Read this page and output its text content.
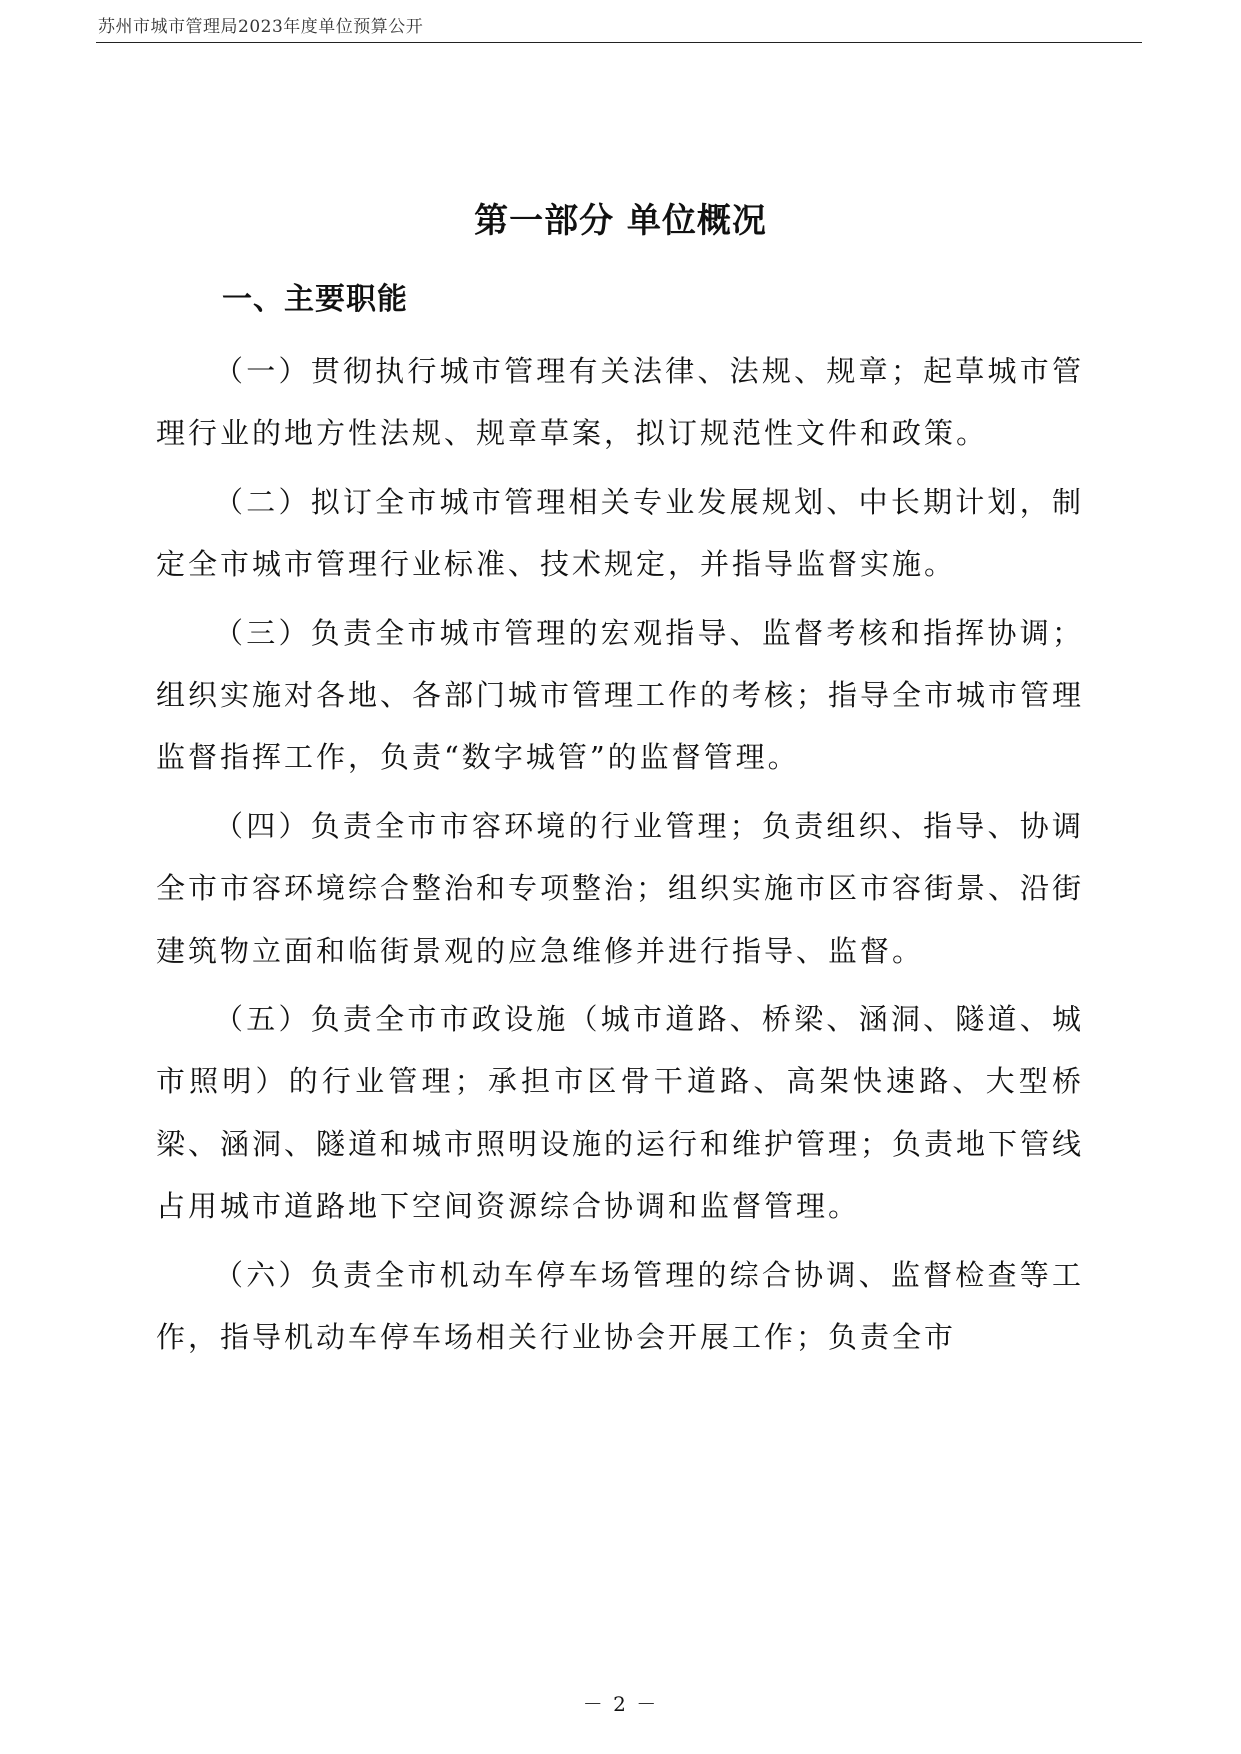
苏州市城市管理局2023年度单位预算公开
第一部分 单位概况
一、主要职能

（一）贯彻执行城市管理有关法律、法规、规章；起草城市管理行业的地方性法规、规章草案，拟订规范性文件和政策。

（二）拟订全市城市管理相关专业发展规划、中长期计划，制定全市城市管理行业标准、技术规定，并指导监督实施。

（三）负责全市城市管理的宏观指导、监督考核和指挥协调；组织实施对各地、各部门城市管理工作的考核；指导全市城市管理监督指挥工作，负责“数字城管”的监督管理。

（四）负责全市市容环境的行业管理；负责组织、指导、协调全市市容环境综合整治和专项整治；组织实施市区市容街景、沿街建筑物立面和临街景观的应急维修并进行指导、监督。

（五）负责全市市政设施（城市道路、桥梁、涵洞、隧道、城市照明）的行业管理；承担市区骨干道路、高架快速路、大型桥梁、涵洞、隧道和城市照明设施的运行和维护管理；负责地下管线占用城市道路地下空间资源综合协调和监督管理。

（六）负责全市机动车停车场管理的综合协调、监督检查等工作，指导机动车停车场相关行业协会开展工作；负责全市

－ 2 －
